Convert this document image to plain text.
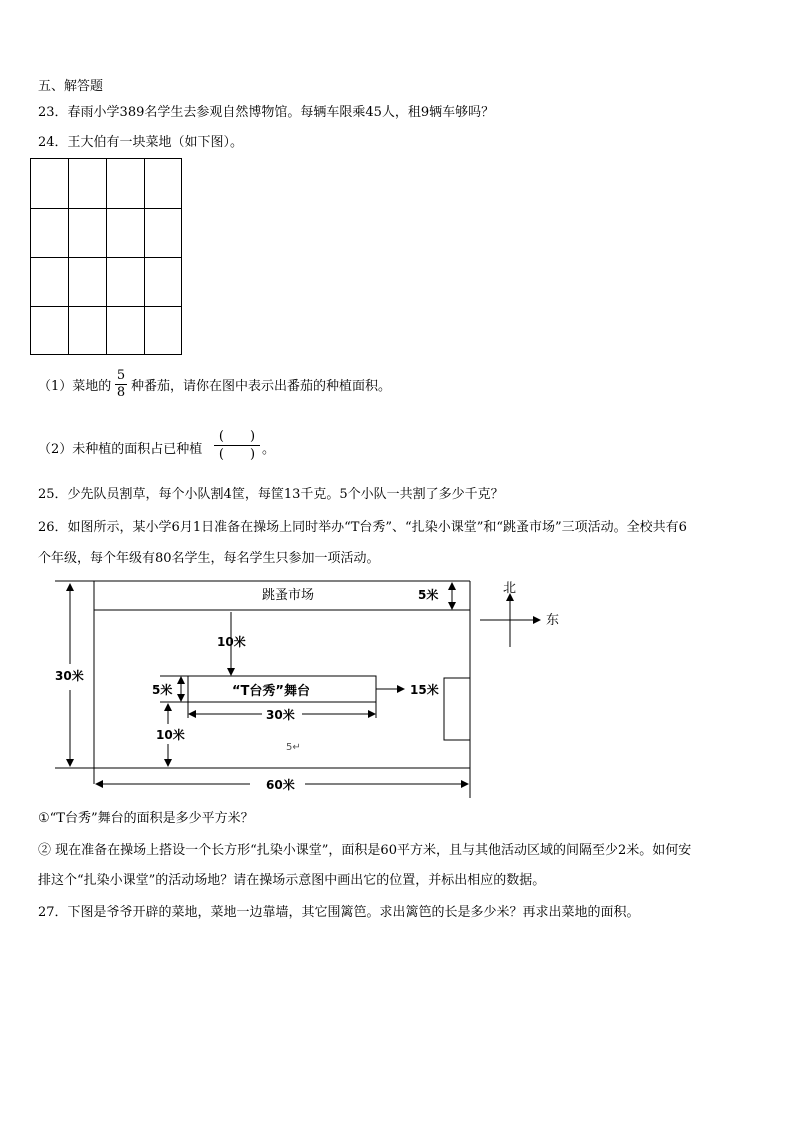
五、解答题
23．春雨小学389名学生去参观自然博物馆。每辆车限乘45人，租9辆车够吗？
24．王大伯有一块菜地（如下图）。
（1）菜地的 $\frac{5}{8}$ 种番茄，请你在图中表示出番茄的种植面积。
（2）未种植的面积占已种植
(　　)
(　　) 。
25．少先队员割草，每个小队割4筐，每筐13千克。5个小队一共割了多少千克？
26．如图所示，某小学6月1日准备在操场上同时举办“T台秀”、“扎染小课堂”和“跳蚤市场”三项活动。全校共有6
个年级，每个年级有80名学生，每名学生只参加一项活动。
跳蚤市场	5米
10米
30米
5米	“T台秀”舞台	15米
30米
10米
5↵
60米
北
东
①“T台秀”舞台的面积是多少平方米？
② 现在准备在操场上搭设一个长方形“扎染小课堂”，面积是60平方米，且与其他活动区域的间隔至少2米。如何安
排这个“扎染小课堂”的活动场地？请在操场示意图中画出它的位置，并标出相应的数据。
27．下图是爷爷开辟的菜地，菜地一边靠墙，其它围篱笆。求出篱笆的长是多少米？再求出菜地的面积。
